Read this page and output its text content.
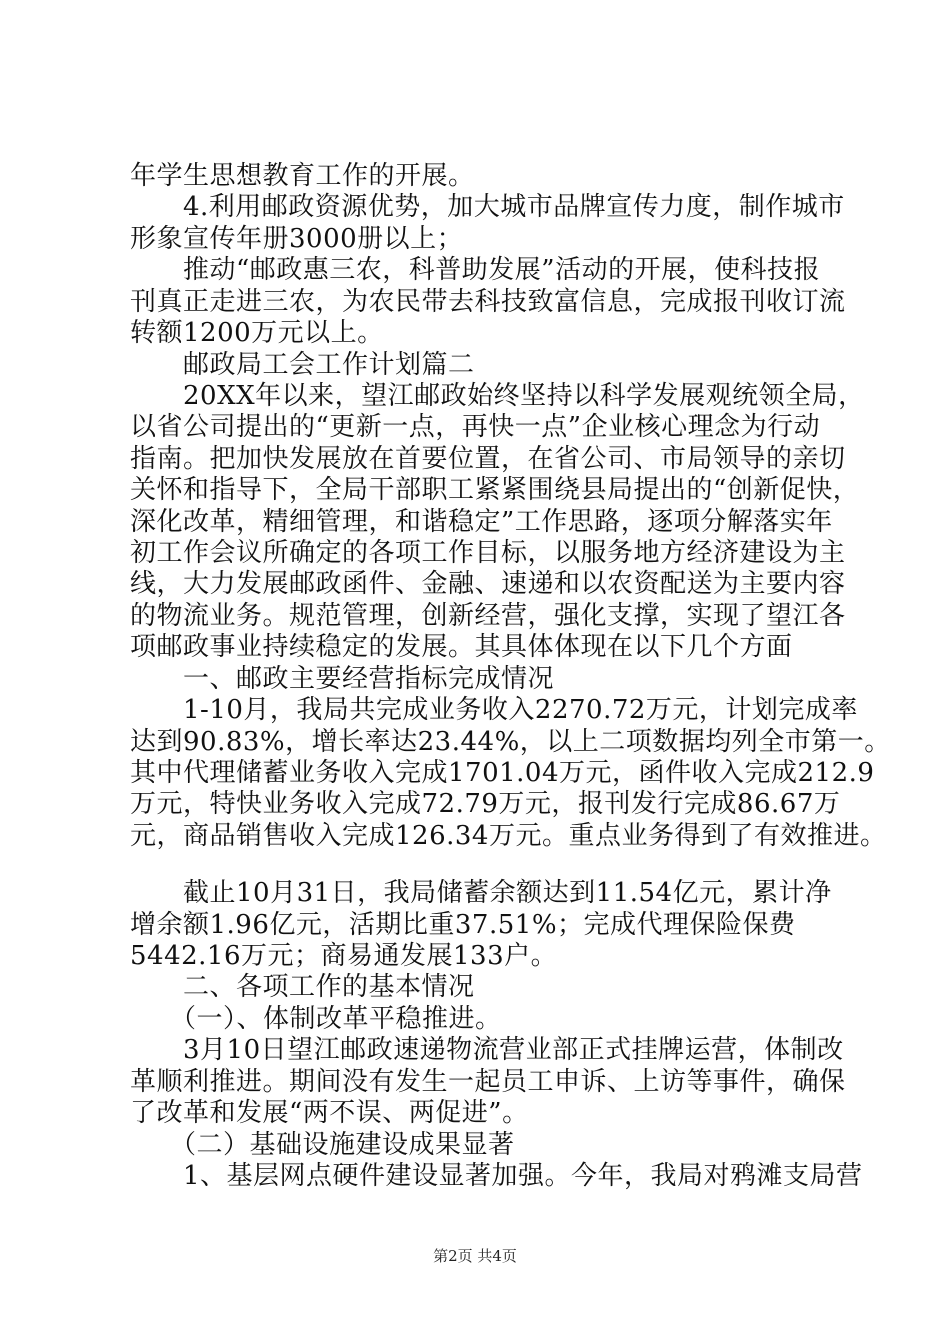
年学生思想教育工作的开展。
　　4.利用邮政资源优势，加大城市品牌宣传力度，制作城市
形象宣传年册3000册以上；
　　推动“邮政惠三农，科普助发展”活动的开展，使科技报
刊真正走进三农，为农民带去科技致富信息，完成报刊收订流
转额1200万元以上。
　　邮政局工会工作计划篇二
　　20XX年以来，望江邮政始终坚持以科学发展观统领全局，
以省公司提出的“更新一点，再快一点”企业核心理念为行动
指南。把加快发展放在首要位置，在省公司、市局领导的亲切
关怀和指导下，全局干部职工紧紧围绕县局提出的“创新促快，
深化改革，精细管理，和谐稳定”工作思路，逐项分解落实年
初工作会议所确定的各项工作目标，以服务地方经济建设为主
线，大力发展邮政函件、金融、速递和以农资配送为主要内容
的物流业务。规范管理，创新经营，强化支撑，实现了望江各
项邮政事业持续稳定的发展。其具体体现在以下几个方面
　　一、邮政主要经营指标完成情况
　　1-10月，我局共完成业务收入2270.72万元，计划完成率
达到90.83%，增长率达23.44%，以上二项数据均列全市第一。
其中代理储蓄业务收入完成1701.04万元，函件收入完成212.9
万元，特快业务收入完成72.79万元，报刊发行完成86.67万
元，商品销售收入完成126.34万元。重点业务得到了有效推进。
　　截止10月31日，我局储蓄余额达到11.54亿元，累计净
增余额1.96亿元，活期比重37.51%；完成代理保险保费
5442.16万元；商易通发展133户。
　　二、各项工作的基本情况
　　（一）、体制改革平稳推进。
　　3月10日望江邮政速递物流营业部正式挂牌运营，体制改
革顺利推进。期间没有发生一起员工申诉、上访等事件，确保
了改革和发展“两不误、两促进”。
　　（二）基础设施建设成果显著
　　1、基层网点硬件建设显著加强。今年，我局对鸦滩支局营
第2页 共4页
